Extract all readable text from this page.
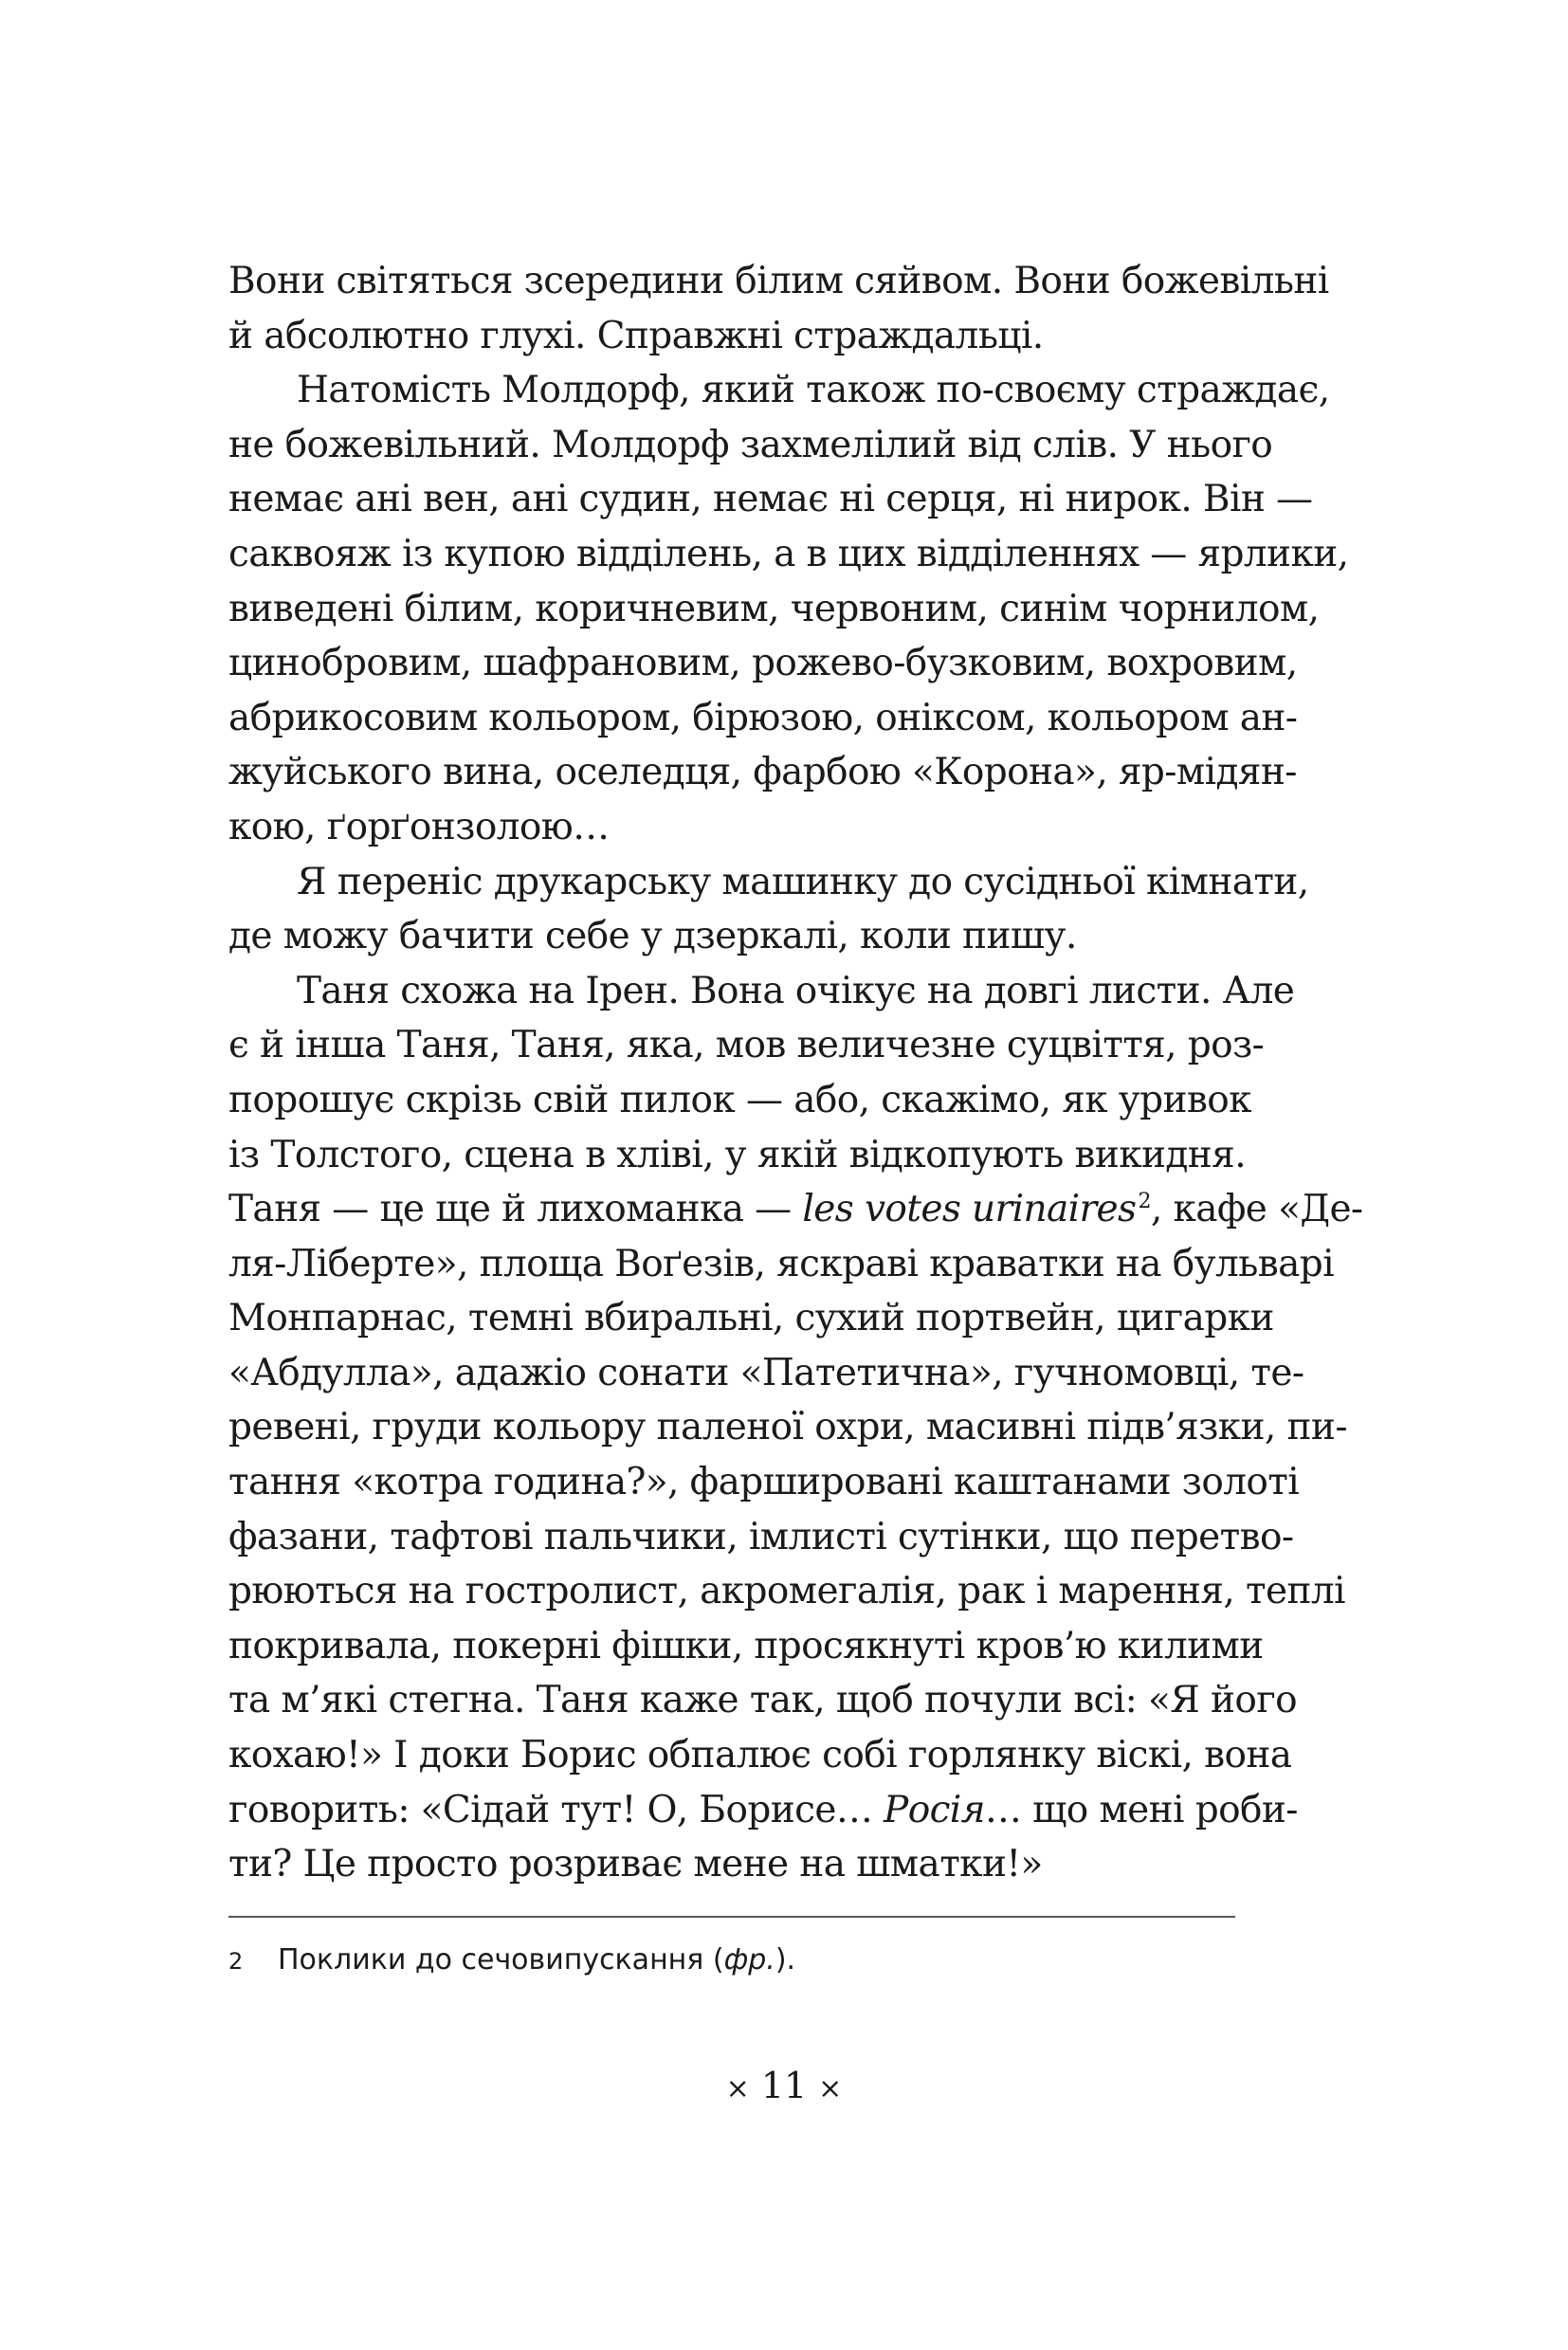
Вони світяться зсередини білим сяйвом. Вони божевільні
й абсолютно глухі. Справжні страждальці.
Натомість Молдорф, який також по-своєму страждає,
не божевільний. Молдорф захмелілий від слів. У нього
немає ані вен, ані судин, немає ні серця, ні нирок. Він —
саквояж із купою відділень, а в цих відділеннях — ярлики,
виведені білим, коричневим, червоним, синім чорнилом,
цинобровим, шафрановим, рожево-бузковим, вохровим,
абрикосовим кольором, бірюзою, оніксом, кольором ан-
жуйського вина, оселедця, фарбою «Корона», яр-мідян-
кою, ґорґонзолою…
Я переніс друкарську машинку до сусідньої кімнати,
де можу бачити себе у дзеркалі, коли пишу.
Таня схожа на Ірен. Вона очікує на довгі листи. Але
є й інша Таня, Таня, яка, мов величезне суцвіття, роз-
порошує скрізь свій пилок — або, скажімо, як уривок
із Толстого, сцена в хліві, у якій відкопують викидня.
Таня — це ще й лихоманка — les votes urinaires$^2$, кафе «Де-
ля-Ліберте», площа Воґезів, яскраві краватки на бульварі
Монпарнас, темні вбиральні, сухий портвейн, цигарки
«Абдулла», адажіо сонати «Патетична», гучномовці, те-
ревені, груди кольору паленої охри, масивні підв’язки, пи-
тання «котра година?», фаршировані каштанами золоті
фазани, тафтові пальчики, імлисті сутінки, що перетво-
рюються на гостролист, акромегалія, рак і марення, теплі
покривала, покерні фішки, просякнуті кров’ю килими
та м’які стегна. Таня каже так, щоб почули всі: «Я його
кохаю!» І доки Борис обпалює собі горлянку віскі, вона
говорить: «Сідай тут! О, Борисе… Росія… що мені роби-
ти? Це просто розриває мене на шматки!»
2 Поклики до сечовипускання (фр.).
× 11 ×
